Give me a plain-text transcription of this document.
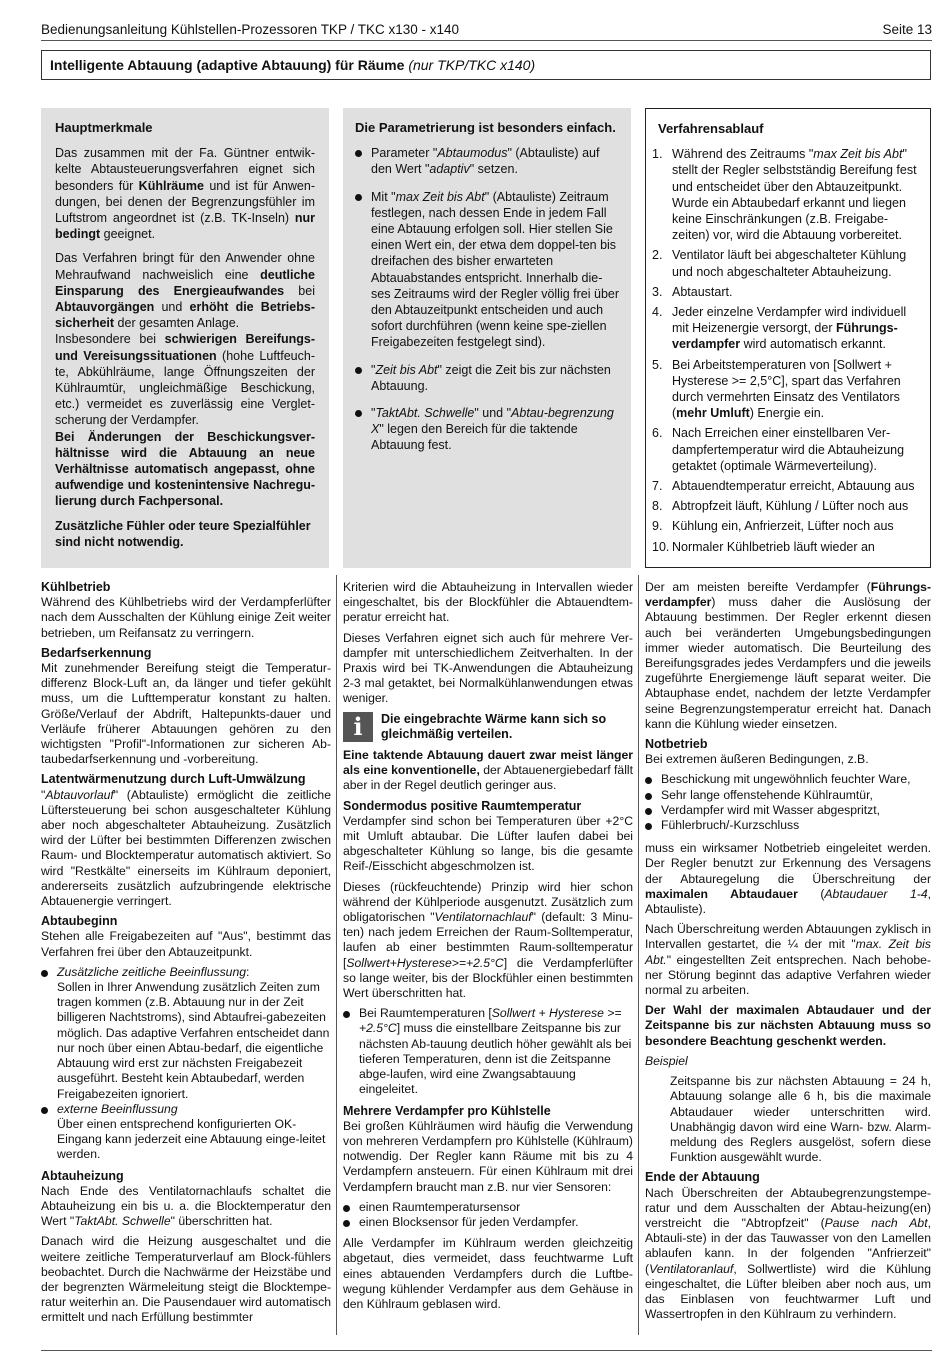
Bedienungsanleitung Kühlstellen-Prozessoren TKP / TKC x130 - x140	Seite 13
Intelligente Abtauung (adaptive Abtauung) für Räume (nur TKP/TKC x140)
Hauptmerkmale

Das zusammen mit der Fa. Güntner entwik-kelte Abtausteuerungsverfahren eignet sich besonders für Kühlräume und ist für Anwen-dungen, bei denen der Begrenzungsfühler im Luftstrom angeordnet ist (z.B. TK-Inseln) nur bedingt geeignet.

Das Verfahren bringt für den Anwender ohne Mehraufwand nachweislich eine deutliche Einsparung des Energieaufwandes bei Abtauvorgängen und erhöht die Betriebs-sicherheit der gesamten Anlage.

Insbesondere bei schwierigen Bereifungs- und Vereisungssituationen (hohe Luftfeuch-te, Abkühlräume, lange Öffnungszeiten der Kühlraumtür, ungleichmäßige Beschickung, etc.) vermeidet es zuverlässig eine Verglet-scherung der Verdampfer.

Bei Änderungen der Beschickungsver-hältnisse wird die Abtauung an neue Verhältnisse automatisch angepasst, ohne aufwendige und kostenintensive Nachregu-lierung durch Fachpersonal.

Zusätzliche Fühler oder teure Spezialfühler sind nicht notwendig.

Die Parametrierung ist besonders einfach.
Parameter "Abtaumodus" (Abtauliste) auf den Wert "adaptiv" setzen.
Mit "max Zeit bis Abt" (Abtauliste) Zeitraum festlegen, nach dessen Ende in jedem Fall eine Abtauung erfolgen soll. Hier stellen Sie einen Wert ein, der etwa dem doppel-ten bis dreifachen des bisher erwarteten Abtauabstandes entspricht. Innerhalb die-ses Zeitraums wird der Regler völlig frei über den Abtauzeitpunkt entscheiden und auch sofort durchführen (wenn keine spe-ziellen Freigabezeiten festgelegt sind).
"Zeit bis Abt" zeigt die Zeit bis zur nächsten Abtauung.
"TaktAbt. Schwelle" und "Abtau-begrenzung X" legen den Bereich für die taktende Abtauung fest.
Verfahrensablauf
1. Während des Zeitraums "max Zeit bis Abt" stellt der Regler selbstständig Bereifung fest und entscheidet über den Abtauzeitpunkt. Wurde ein Abtaubedarf erkannt und liegen keine Einschränkungen (z.B. Freigabe-zeiten) vor, wird die Abtauung vorbereitet.
2. Ventilator läuft bei abgeschalteter Kühlung und noch abgeschalteter Abtauheizung.
3. Abtaustart.
4. Jeder einzelne Verdampfer wird individuell mit Heizenergie versorgt, der Führungs-verdampfer wird automatisch erkannt.
5. Bei Arbeitstemperaturen von [Sollwert + Hysterese >= 2,5°C], spart das Verfahren durch vermehrten Einsatz des Ventilators (mehr Umluft) Energie ein.
6. Nach Erreichen einer einstellbaren Ver-dampfertemperatur wird die Abtauheizung getaktet (optimale Wärmeverteilung).
7. Abtauendtemperatur erreicht, Abtauung aus
8. Abtropfzeit läuft, Kühlung / Lüfter noch aus
9. Kühlung ein, Anfrierzeit, Lüfter noch aus
10. Normaler Kühlbetrieb läuft wieder an
Kühlbetrieb

Während des Kühlbetriebs wird der Verdampferlüfter nach dem Ausschalten der Kühlung einige Zeit weiter betrieben, um Reifansatz zu verringern.

Bedarfserkennung

Mit zunehmender Bereifung steigt die Temperatur-differenz Block-Luft an, da länger und tiefer gekühlt muss, um die Lufttemperatur konstant zu halten. Größe/Verlauf der Abdrift, Haltepunkts-dauer und Verläufe früherer Abtauungen gehören zu den wichtigsten "Profil"-Informationen zur sicheren Ab-taubedarfserkennung und -vorbereitung.

Latentwärmenutzung durch Luft-Umwälzung

"Abtauvorlauf" (Abtauliste) ermöglicht die zeitliche Lüftersteuerung bei schon ausgeschalteter Kühlung aber noch abgeschalteter Abtauheizung. Zusätzlich wird der Lüfter bei bestimmten Differenzen zwischen Raum- und Blocktemperatur automatisch aktiviert. So wird "Restkälte" einerseits im Kühlraum deponiert, andererseits zusätzlich aufzubringende elektrische Abtauenergie verringert.

Abtaubeginn

Stehen alle Freigabezeiten auf "Aus", bestimmt das Verfahren frei über den Abtauzeitpunkt.

Zusätzliche zeitliche Beeinflussung:
Sollen in Ihrer Anwendung zusätzlich Zeiten zum tragen kommen (z.B. Abtauung nur in der Zeit billigeren Nachtstroms), sind Abtaufrei-gabezeiten möglich. Das adaptive Verfahren entscheidet dann nur noch über einen Abtau-bedarf, die eigentliche Abtauung wird erst zur nächsten Freigabezeit ausgeführt. Besteht kein Abtaubedarf, werden Freigabezeiten ignoriert.
externe Beeinflussung
Über einen entsprechend konfigurierten OK-Eingang kann jederzeit eine Abtauung einge-leitet werden.
Abtauheizung

Nach Ende des Ventilatornachlaufs schaltet die Abtauheizung ein bis u. a. die Blocktemperatur den Wert "TaktAbt. Schwelle" überschritten hat.

Danach wird die Heizung ausgeschaltet und die weitere zeitliche Temperaturverlauf am Block-fühlers beobachtet. Durch die Nachwärme der Heizstäbe und der begrenzten Wärmeleitung steigt die Blocktempe-ratur weiterhin an. Die Pausendauer wird automatisch ermittelt und nach Erfüllung bestimmter

Kriterien wird die Abtauheizung in Intervallen wieder eingeschaltet, bis der Blockfühler die Abtauendtem-peratur erreicht hat.

Dieses Verfahren eignet sich auch für mehrere Ver-dampfer mit unterschiedlichem Zeitverhalten. In der Praxis wird bei TK-Anwendungen die Abtauheizung 2-3 mal getaktet, bei Normalkühlanwendungen etwas weniger.

i	Die eingebrachte Wärme kann sich so gleichmäßig verteilen.

Eine taktende Abtauung dauert zwar meist länger als eine konventionelle, der Abtauenergiebedarf fällt aber in der Regel deutlich geringer aus.

Sondermodus positive Raumtemperatur

Verdampfer sind schon bei Temperaturen über +2°C mit Umluft abtaubar. Die Lüfter laufen dabei bei abgeschalteter Kühlung so lange, bis die gesamte Reif-/Eisschicht abgeschmolzen ist.

Dieses (rückfeuchtende) Prinzip wird hier schon während der Kühlperiode ausgenutzt. Zusätzlich zum obligatorischen "Ventilatornachlauf" (default: 3 Minu-ten) nach jedem Erreichen der Raum-Solltemperatur, laufen ab einer bestimmten Raum-solltemperatur [Sollwert+Hysterese>=+2.5°C] die Verdampferlüfter so lange weiter, bis der Blockfühler einen bestimmten Wert überschritten hat.

Bei Raumtemperaturen [Sollwert + Hysterese >= +2.5°C] muss die einstellbare Zeitspanne bis zur nächsten Ab-tauung deutlich höher gewählt als bei tieferen Temperaturen, denn ist die Zeitspanne abge-laufen, wird eine Zwangsabtauung eingeleitet.
Mehrere Verdampfer pro Kühlstelle

Bei großen Kühlräumen wird häufig die Verwendung von mehreren Verdampfern pro Kühlstelle (Kühlraum) notwendig. Der Regler kann Räume mit bis zu 4 Verdampfern ansteuern. Für einen Kühlraum mit drei Verdampfern braucht man z.B. nur vier Sensoren:

einen Raumtemperatursensor
einen Blocksensor für jeden Verdampfer.

Alle Verdampfer im Kühlraum werden gleichzeitig abgetaut, dies vermeidet, dass feuchtwarme Luft eines abtauenden Verdampfers durch die Luftbe-wegung kühlender Verdampfer aus dem Gehäuse in den Kühlraum geblasen wird.

Der am meisten bereifte Verdampfer (Führungs-verdampfer) muss daher die Auslösung der Abtauung bestimmen. Der Regler erkennt diesen auch bei veränderten Umgebungsbedingungen immer wieder automatisch. Die Beurteilung des Bereifungsgrades jedes Verdampfers und die jeweils zugeführte Energiemenge läuft separat weiter. Die Abtauphase endet, nachdem der letzte Verdampfer seine Begrenzungstemperatur erreicht hat. Danach kann die Kühlung wieder einsetzen.

Notbetrieb

Bei extremen äußeren Bedingungen, z.B.

Beschickung mit ungewöhnlich feuchter Ware,
Sehr lange offenstehende Kühlraumtür,
Verdampfer wird mit Wasser abgespritzt,
Fühlerbruch/-Kurzschluss

muss ein wirksamer Notbetrieb eingeleitet werden. Der Regler benutzt zur Erkennung des Versagens der Abtauregelung die Überschreitung der maximalen Abtaudauer (Abtaudauer 1-4, Abtauliste).

Nach Überschreitung werden Abtauungen zyklisch in Intervallen gestartet, die ¼ der mit "max. Zeit bis Abt." eingestellten Zeit entsprechen. Nach behobe-ner Störung beginnt das adaptive Verfahren wieder normal zu arbeiten.

Der Wahl der maximalen Abtaudauer und der Zeitspanne bis zur nächsten Abtauung muss so besondere Beachtung geschenkt werden.

Beispiel

Zeitspanne bis zur nächsten Abtauung = 24 h, Abtauung solange alle 6 h, bis die maximale Abtaudauer wieder unterschritten wird. Unabhängig davon wird eine Warn- bzw. Alarm-meldung des Reglers ausgelöst, sofern diese Funktion ausgewählt wurde.

Ende der Abtauung

Nach Überschreiten der Abtaubegrenzungstempe-ratur und dem Ausschalten der Abtau-heizung(en) verstreicht die "Abtropfzeit" (Pause nach Abt, Abtauli-ste) in der das Tauwasser von den Lamellen ablaufen kann. In der folgenden "Anfrierzeit" (Ventilatoranlauf, Sollwertliste) wird die Kühlung eingeschaltet, die Lüfter bleiben aber noch aus, um das Einblasen von feuchtwarmer Luft und Wassertropfen in den Kühlraum zu verhindern.
